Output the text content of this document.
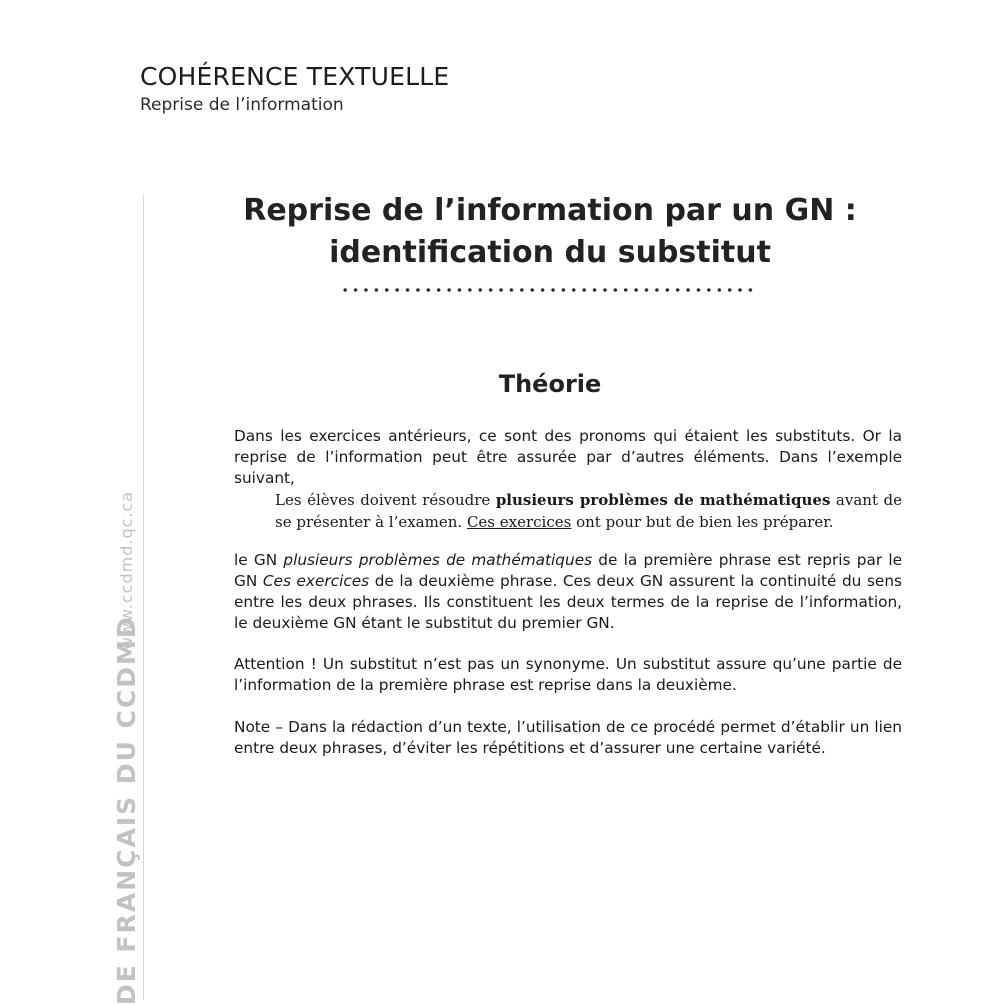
COHÉRENCE TEXTUELLE
Reprise de l’information
www.ccdmd.qc.ca
DE FRANÇAIS DU CCDMD
Reprise de l’information par un GN :
identification du substitut
Théorie

Dans les exercices antérieurs, ce sont des pronoms qui étaient les substituts. Or la reprise de l’information peut être assurée par d’autres éléments. Dans l’exemple suivant,

Les élèves doivent résoudre plusieurs problèmes de mathématiques avant de se présenter à l’examen. Ces exercices ont pour but de bien les préparer.

le GN plusieurs problèmes de mathématiques de la première phrase est repris par le GN Ces exercices de la deuxième phrase. Ces deux GN assurent la continuité du sens entre les deux phrases. Ils constituent les deux termes de la reprise de l’information, le deuxième GN étant le substitut du premier GN.

Attention ! Un substitut n’est pas un synonyme. Un substitut assure qu’une partie de l’information de la première phrase est reprise dans la deuxième.

Note – Dans la rédaction d’un texte, l’utilisation de ce procédé permet d’établir un lien entre deux phrases, d’éviter les répétitions et d’assurer une certaine variété.
